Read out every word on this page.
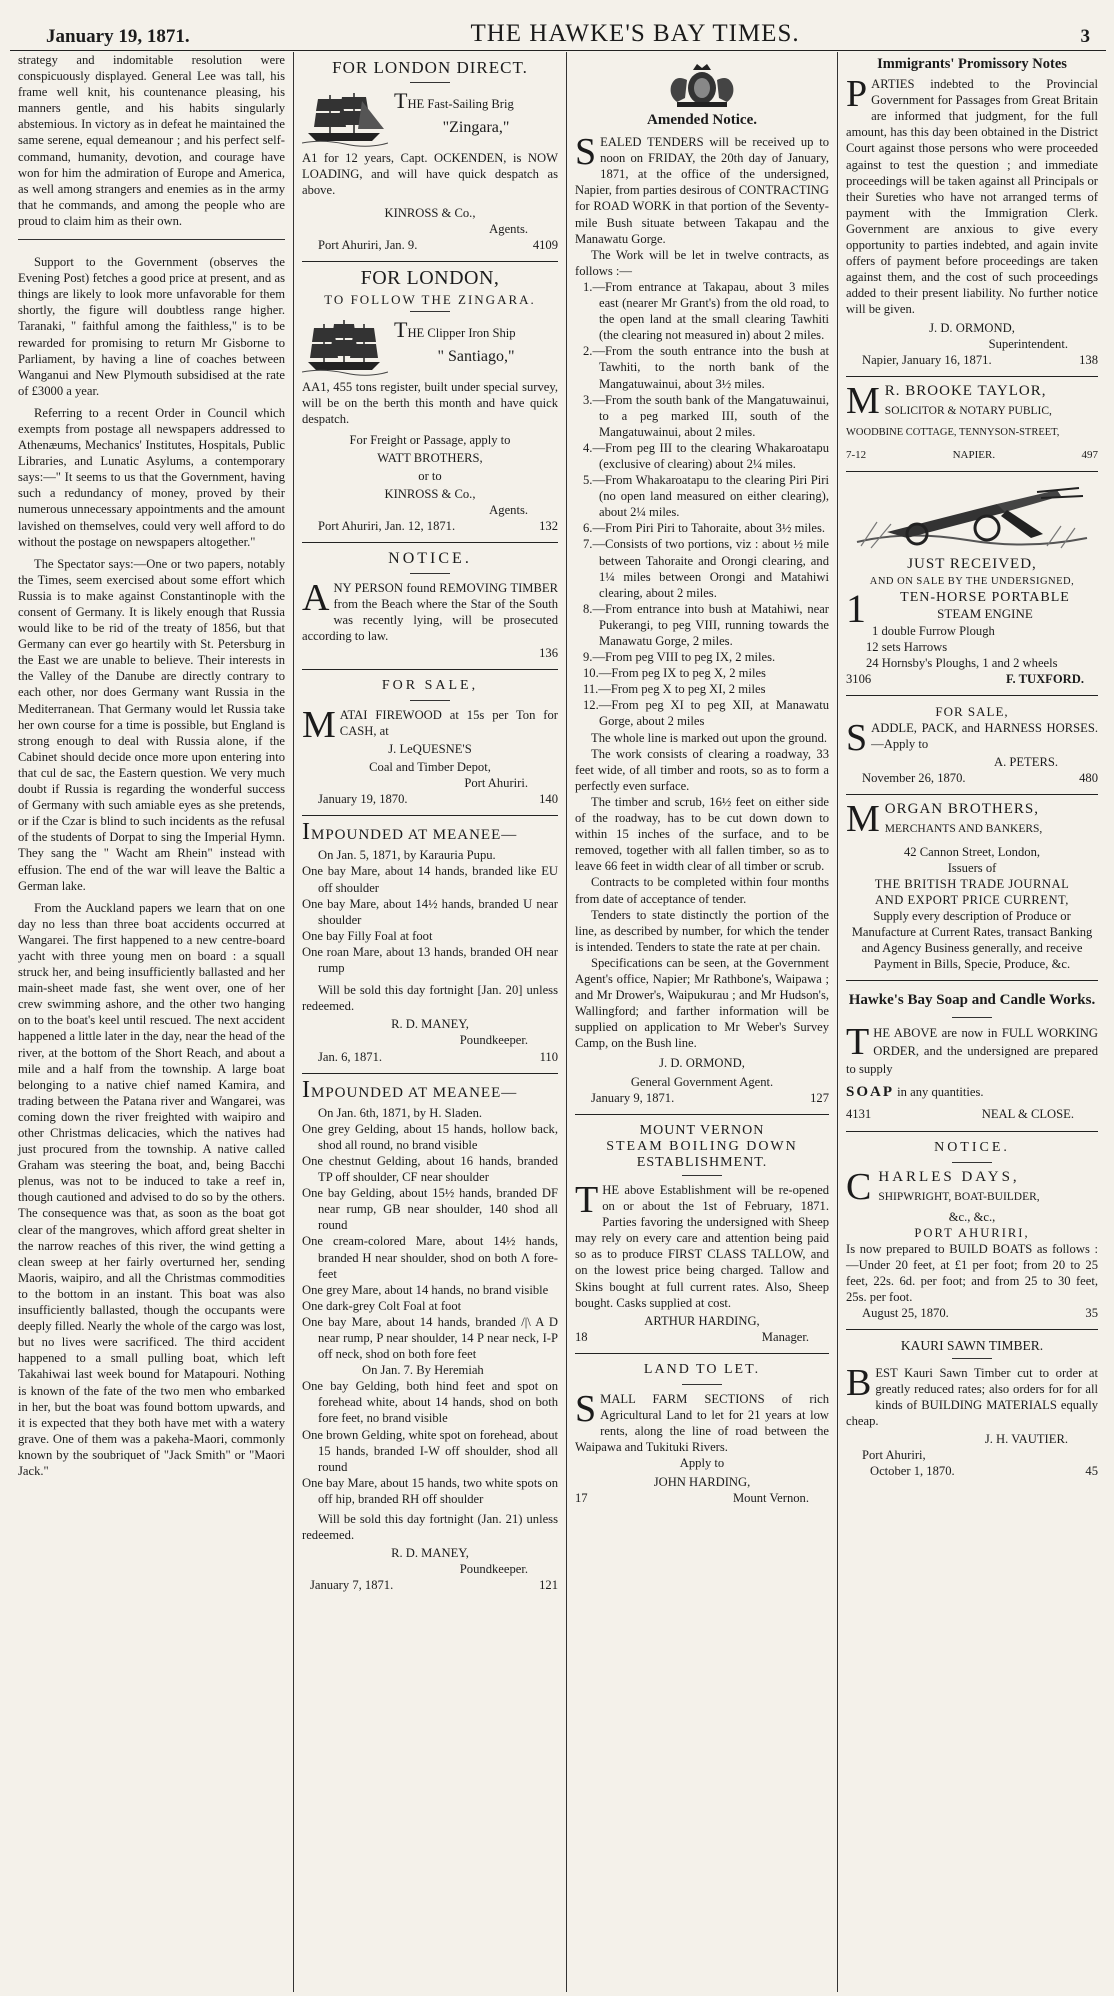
January 19, 1871.	THE HAWKE'S BAY TIMES.	3

strategy and indomitable resolution were conspicuously displayed. General Lee was tall, his frame well knit, his countenance pleasing, his manners gentle, and his habits singularly abstemious. In victory as in defeat he maintained the same serene, equal demeanour ; and his perfect self-command, humanity, devotion, and courage have won for him the admiration of Europe and America, as well among strangers and enemies as in the army that he commands, and among the people who are proud to claim him as their own.

Support to the Government (observes the Evening Post) fetches a good price at present, and as things are likely to look more unfavorable for them shortly, the figure will doubtless range higher. Taranaki, " faithful among the faithless," is to be rewarded for promising to return Mr Gisborne to Parliament, by having a line of coaches between Wanganui and New Plymouth subsidised at the rate of £3000 a year.

Referring to a recent Order in Council which exempts from postage all newspapers addressed to Athenæums, Mechanics' Institutes, Hospitals, Public Libraries, and Lunatic Asylums, a contemporary says:—" It seems to us that the Government, having such a redundancy of money, proved by their numerous unnecessary appointments and the amount lavished on themselves, could very well afford to do without the postage on newspapers altogether."

The Spectator says:—One or two papers, notably the Times, seem exercised about some effort which Russia is to make against Constantinople with the consent of Germany. It is likely enough that Russia would like to be rid of the treaty of 1856, but that Germany can ever go heartily with St. Petersburg in the East we are unable to believe. Their interests in the Valley of the Danube are directly contrary to each other, nor does Germany want Russia in the Mediterranean. That Germany would let Russia take her own course for a time is possible, but England is strong enough to deal with Russia alone, if the Cabinet should decide once more upon entering into that cul de sac, the Eastern question. We very much doubt if Russia is regarding the wonderful success of Germany with such amiable eyes as she pretends, or if the Czar is blind to such incidents as the refusal of the students of Dorpat to sing the Imperial Hymn. They sang the " Wacht am Rhein" instead with effusion. The end of the war will leave the Baltic a German lake.

From the Auckland papers we learn that on one day no less than three boat accidents occurred at Wangarei. The first happened to a new centre-board yacht with three young men on board : a squall struck her, and being insufficiently ballasted and her main-sheet made fast, she went over, one of her crew swimming ashore, and the other two hanging on to the boat's keel until rescued. The next accident happened a little later in the day, near the head of the river, at the bottom of the Short Reach, and about a mile and a half from the township. A large boat belonging to a native chief named Kamira, and trading between the Patana river and Wangarei, was coming down the river freighted with waipiro and other Christmas delicacies, which the natives had just procured from the township. A native called Graham was steering the boat, and, being Bacchi plenus, was not to be induced to take a reef in, though cautioned and advised to do so by the others. The consequence was that, as soon as the boat got clear of the mangroves, which afford great shelter in the narrow reaches of this river, the wind getting a clean sweep at her fairly overturned her, sending Maoris, waipiro, and all the Christmas commodities to the bottom in an instant. This boat was also insufficiently ballasted, though the occupants were deeply filled. Nearly the whole of the cargo was lost, but no lives were sacrificed. The third accident happened to a small pulling boat, which left Takahiwai last week bound for Matapouri. Nothing is known of the fate of the two men who embarked in her, but the boat was found bottom upwards, and it is expected that they both have met with a watery grave. One of them was a pakeha-Maori, commonly known by the soubriquet of "Jack Smith" or "Maori Jack."

FOR LONDON DIRECT.
THE Fast-Sailing Brig
"Zingara,"

A1 for 12 years, Capt. OCKENDEN, is NOW LOADING, and will have quick despatch as above.

KINROSS & Co.,
Agents.
Port Ahuriri, Jan. 9.	4109
FOR LONDON,
TO FOLLOW THE ZINGARA.
THE Clipper Iron Ship
" Santiago,"

AA1, 455 tons register, built under special survey, will be on the berth this month and have quick despatch.

For Freight or Passage, apply to
WATT BROTHERS,
or to
KINROSS & Co.,
Agents.
Port Ahuriri, Jan. 12, 1871.	132
NOTICE.

ANY PERSON found REMOVING TIMBER from the Beach where the Star of the South was recently lying, will be prosecuted according to law.

136
FOR SALE,

MATAI FIREWOOD at 15s per Ton for CASH, at

J. LeQUESNE'S
Coal and Timber Depot,
Port Ahuriri.
January 19, 1870.	140
IMPOUNDED AT MEANEE—
On Jan. 5, 1871, by Karauria Pupu.
One bay Mare, about 14 hands, branded like EU off shoulder
One bay Mare, about 14½ hands, branded U near shoulder
One bay Filly Foal at foot
One roan Mare, about 13 hands, branded OH near rump

Will be sold this day fortnight [Jan. 20] unless redeemed.

R. D. MANEY,
Poundkeeper.
Jan. 6, 1871.	110
IMPOUNDED AT MEANEE—
On Jan. 6th, 1871, by H. Sladen.
One grey Gelding, about 15 hands, hollow back, shod all round, no brand visible
One chestnut Gelding, about 16 hands, branded TP off shoulder, CF near shoulder
One bay Gelding, about 15½ hands, branded DF near rump, GB near shoulder, 140 shod all round
One cream-colored Mare, about 14½ hands, branded H near shoulder, shod on both Λ fore-feet
One grey Mare, about 14 hands, no brand visible
One dark-grey Colt Foal at foot
One bay Mare, about 14 hands, branded /|\ A D near rump, P near shoulder, 14 P near neck, I-P off neck, shod on both fore feet
On Jan. 7. By Heremiah
One bay Gelding, both hind feet and spot on forehead white, about 14 hands, shod on both fore feet, no brand visible
One brown Gelding, white spot on forehead, about 15 hands, branded I-W off shoulder, shod all round
One bay Mare, about 15 hands, two white spots on off hip, branded RH off shoulder

Will be sold this day fortnight (Jan. 21) unless redeemed.

R. D. MANEY,
Poundkeeper.
January 7, 1871.	121
Amended Notice.

SEALED TENDERS will be received up to noon on FRIDAY, the 20th day of January, 1871, at the office of the undersigned, Napier, from parties desirous of CONTRACTING for ROAD WORK in that portion of the Seventy-mile Bush situate between Takapau and the Manawatu Gorge.

The Work will be let in twelve contracts, as follows :—

1.—From entrance at Takapau, about 3 miles east (nearer Mr Grant's) from the old road, to the open land at the small clearing Tawhiti (the clearing not measured in) about 2 miles.
2.—From the south entrance into the bush at Tawhiti, to the north bank of the Mangatuwainui, about 3½ miles.
3.—From the south bank of the Mangatuwainui, to a peg marked III, south of the Mangatuwainui, about 2 miles.
4.—From peg III to the clearing Whakaroatapu (exclusive of clearing) about 2¼ miles.
5.—From Whakaroatapu to the clearing Piri Piri (no open land measured on either clearing), about 2¼ miles.
6.—From Piri Piri to Tahoraite, about 3½ miles.
7.—Consists of two portions, viz : about ½ mile between Tahoraite and Orongi clearing, and 1¼ miles between Orongi and Matahiwi clearing, about 2 miles.
8.—From entrance into bush at Matahiwi, near Pukerangi, to peg VIII, running towards the Manawatu Gorge, 2 miles.
9.—From peg VIII to peg IX, 2 miles.
10.—From peg IX to peg X, 2 miles
11.—From peg X to peg XI, 2 miles
12.—From peg XI to peg XII, at Manawatu Gorge, about 2 miles

The whole line is marked out upon the ground.

The work consists of clearing a roadway, 33 feet wide, of all timber and roots, so as to form a perfectly even surface.

The timber and scrub, 16½ feet on either side of the roadway, has to be cut down down to within 15 inches of the surface, and to be removed, together with all fallen timber, so as to leave 66 feet in width clear of all timber or scrub.

Contracts to be completed within four months from date of acceptance of tender.

Tenders to state distinctly the portion of the line, as described by number, for which the tender is intended. Tenders to state the rate at per chain.

Specifications can be seen, at the Government Agent's office, Napier; Mr Rathbone's, Waipawa ; and Mr Drower's, Waipukurau ; and Mr Hudson's, Wallingford; and farther information will be supplied on application to Mr Weber's Survey Camp, on the Bush line.

J. D. ORMOND,
General Government Agent.
January 9, 1871.	127
MOUNT VERNON
STEAM BOILING DOWN
ESTABLISHMENT.

THE above Establishment will be re-opened on or about the 1st of February, 1871. Parties favoring the undersigned with Sheep may rely on every care and attention being paid so as to produce FIRST CLASS TALLOW, and on the lowest price being charged. Tallow and Skins bought at full current rates. Also, Sheep bought. Casks supplied at cost.

ARTHUR HARDING,
18	Manager.
LAND TO LET.

SMALL FARM SECTIONS of rich Agricultural Land to let for 21 years at low rents, along the line of road between the Waipawa and Tukituki Rivers.

Apply to
JOHN HARDING,
17	Mount Vernon.
Immigrants' Promissory Notes

PARTIES indebted to the Provincial Government for Passages from Great Britain are informed that judgment, for the full amount, has this day been obtained in the District Court against those persons who were proceeded against to test the question ; and immediate proceedings will be taken against all Principals or their Sureties who have not arranged terms of payment with the Immigration Clerk. Government are anxious to give every opportunity to parties indebted, and again invite offers of payment before proceedings are taken against them, and the cost of such proceedings added to their present liability. No further notice will be given.

J. D. ORMOND,
Superintendent.
Napier, January 16, 1871.	138
M R. BROOKE TAYLOR,
SOLICITOR & NOTARY PUBLIC,
WOODBINE COTTAGE, TENNYSON-STREET,
7-12	NAPIER.	497
JUST RECEIVED,
AND ON SALE BY THE UNDERSIGNED,
1	TEN-HORSE PORTABLE
STEAM ENGINE
1 double Furrow Plough
12 sets Harrows
24 Hornsby's Ploughs, 1 and 2 wheels
3106	F. TUXFORD.
FOR SALE,

SADDLE, PACK, and HARNESS HORSES.—Apply to

A. PETERS.
November 26, 1870.	480
MORGAN BROTHERS,
MERCHANTS AND BANKERS,
42 Cannon Street, London,
Issuers of
THE BRITISH TRADE JOURNAL
AND EXPORT PRICE CURRENT,

Supply every description of Produce or Manufacture at Current Rates, transact Banking and Agency Business generally, and receive Payment in Bills, Specie, Produce, &c.

Hawke's Bay Soap and Candle Works.

THE ABOVE are now in FULL WORKING ORDER, and the undersigned are prepared to supply

SOAP in any quantities.
4131	NEAL & CLOSE.
NOTICE.
CHARLES DAYS,
SHIPWRIGHT, BOAT-BUILDER,
&c., &c.,
PORT AHURIRI,

Is now prepared to BUILD BOATS as follows :—Under 20 feet, at £1 per foot; from 20 to 25 feet, 22s. 6d. per foot; and from 25 to 30 feet, 25s. per foot.

August 25, 1870.	35
KAURI SAWN TIMBER.

BEST Kauri Sawn Timber cut to order at greatly reduced rates; also orders for for all kinds of BUILDING MATERIALS equally cheap.

J. H. VAUTIER.
Port Ahuriri,
October 1, 1870.	45
